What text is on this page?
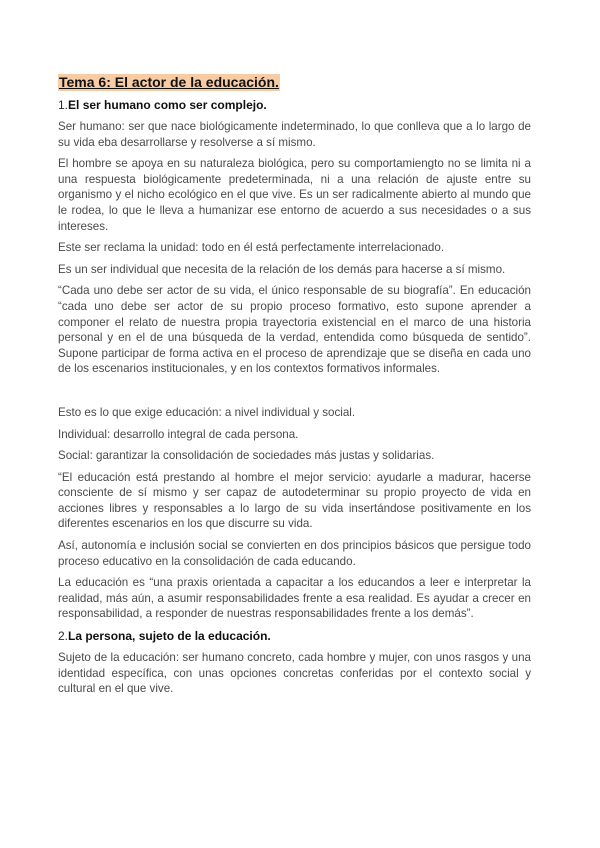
Tema 6: El actor de la educación.
1.El ser humano como ser complejo.
Ser humano: ser que nace biológicamente indeterminado, lo que conlleva que a lo largo de su vida eba desarrollarse y resolverse a sí mismo.
El hombre se apoya en su naturaleza biológica, pero su comportamiengto no se limita ni a una respuesta biológicamente predeterminada, ni a una relación de ajuste entre su organismo y el nicho ecológico en el que vive. Es un ser radicalmente abierto al mundo que le rodea, lo que le lleva a humanizar ese entorno de acuerdo a sus necesidades o a sus intereses.
Este ser reclama la unidad: todo en él está perfectamente interrelacionado.
Es un ser individual que necesita de la relación de los demás para hacerse a sí mismo.
“Cada uno debe ser actor de su vida, el único responsable de su biografía”. En educación “cada uno debe ser actor de su propio proceso formativo, esto supone aprender a componer el relato de nuestra propia trayectoria existencial en el marco de una historia personal y en el de una búsqueda de la verdad, entendida como búsqueda de sentido”. Supone participar de forma activa en el proceso de aprendizaje que se diseña en cada uno de los escenarios institucionales, y en los contextos formativos informales.
Esto es lo que exige educación: a nivel individual y social.
Individual: desarrollo integral de cada persona.
Social: garantizar la consolidación de sociedades más justas y solidarias.
“El educación está prestando al hombre el mejor servicio: ayudarle a madurar, hacerse consciente de sí mismo y ser capaz de autodeterminar su propio proyecto de vida en acciones libres y responsables a lo largo de su vida insertándose positivamente en los diferentes escenarios en los que discurre su vida.
Así, autonomía e inclusión social se convierten en dos principios básicos que persigue todo proceso educativo en la consolidación de cada educando.
La educación es “una praxis orientada a capacitar a los educandos a leer e interpretar la realidad, más aún, a asumir responsabilidades frente a esa realidad. Es ayudar a crecer en responsabilidad, a responder de nuestras responsabilidades frente a los demás”.
2.La persona, sujeto de la educación.
Sujeto de la educación: ser humano concreto, cada hombre y mujer, con unos rasgos y una identidad específica, con unas opciones concretas conferidas por el contexto social y cultural en el que vive.
